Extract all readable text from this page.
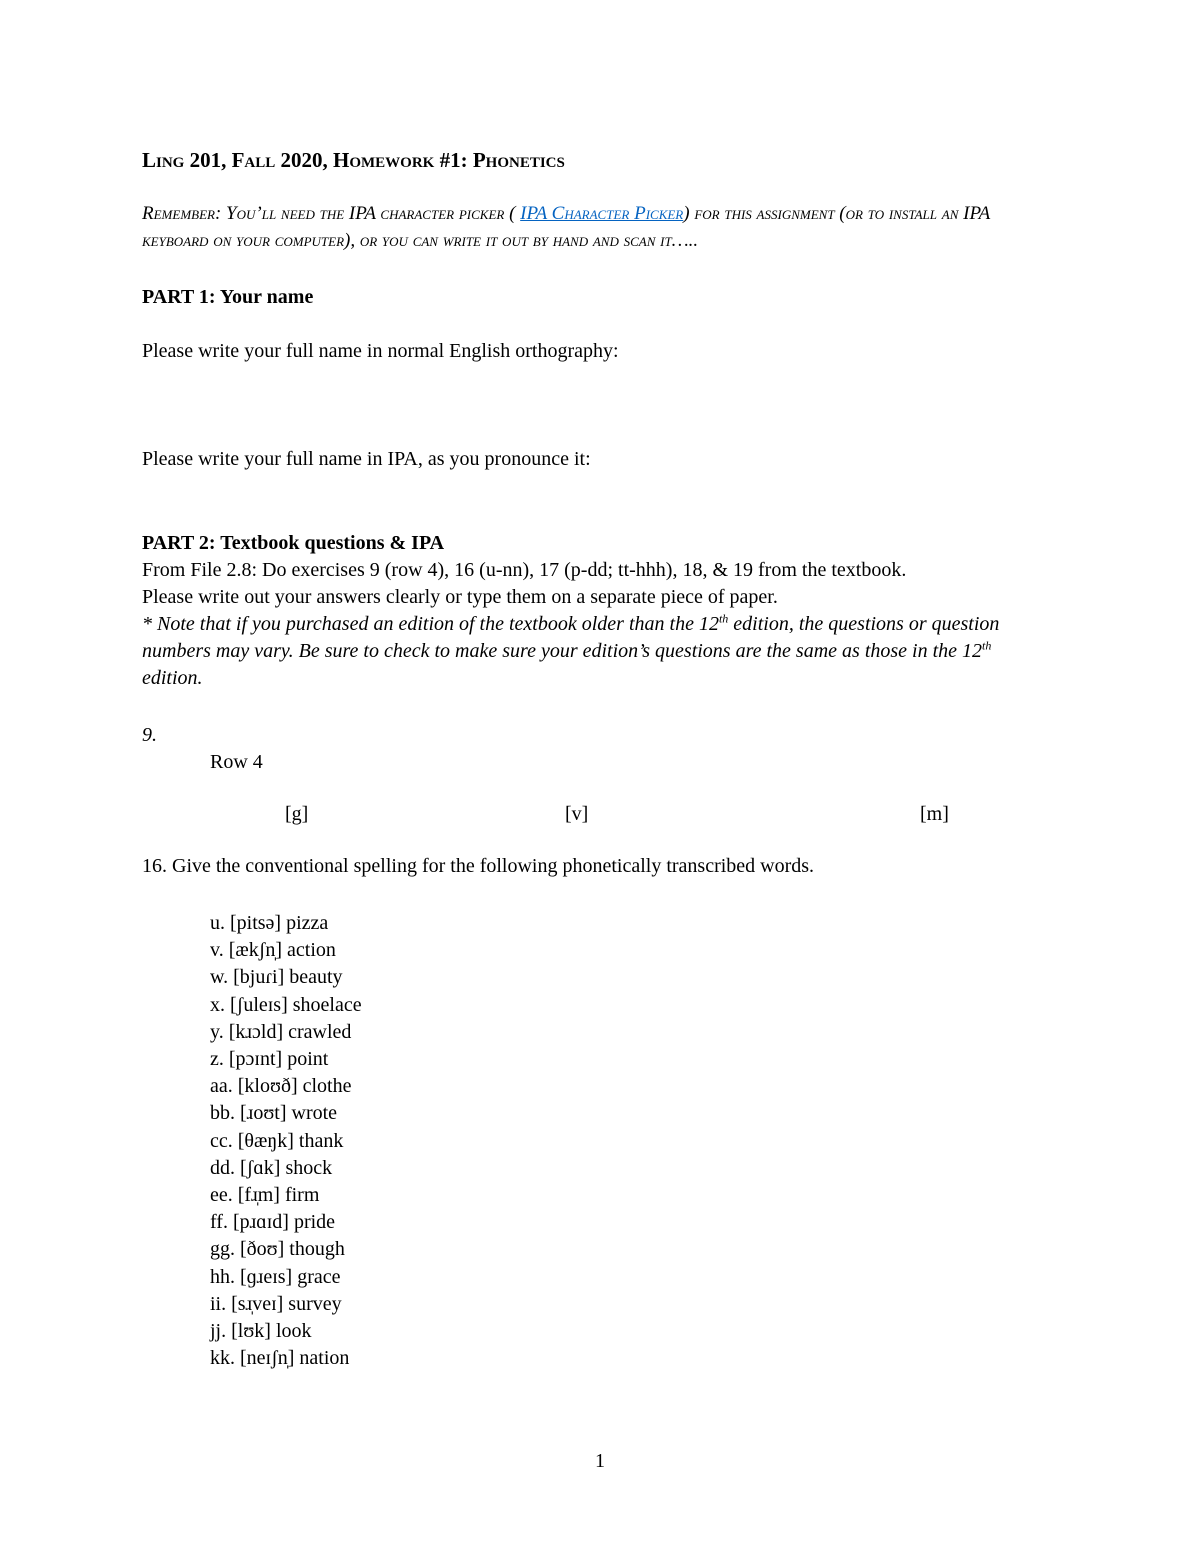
Ling 201, Fall 2020, Homework #1: Phonetics

Remember: You’ll need the IPA character picker ( IPA Character Picker) for this assignment (or to install an IPA keyboard on your computer), or you can write it out by hand and scan it…..

PART 1: Your name

Please write your full name in normal English orthography:

Please write your full name in IPA, as you pronounce it:

PART 2: Textbook questions & IPA

From File 2.8: Do exercises 9 (row 4), 16 (u-nn), 17 (p-dd; tt-hhh), 18, & 19 from the textbook.
Please write out your answers clearly or type them on a separate piece of paper.

* Note that if you purchased an edition of the textbook older than the 12th edition, the questions or question numbers may vary. Be sure to check to make sure your edition’s questions are the same as those in the 12th edition.

9.

Row 4

[g]	[v]	[m]

16. Give the conventional spelling for the following phonetically transcribed words.

u. [pitsə] pizza
v. [ækʃn̩] action
w. [bjuɾi] beauty
x. [ʃuleɪs] shoelace
y. [kɹɔld] crawled
z. [pɔɪnt] point
aa. [kloʊð] clothe
bb. [ɹoʊt] wrote
cc. [θæŋk] thank
dd. [ʃɑk] shock
ee. [fɹ̩m] firm
ff. [pɹɑɪd] pride
gg. [ðoʊ] though
hh. [ɡɹeɪs] grace
ii. [sɹ̩veɪ] survey
jj. [lʊk] look
kk. [neɪʃn̩] nation
1
